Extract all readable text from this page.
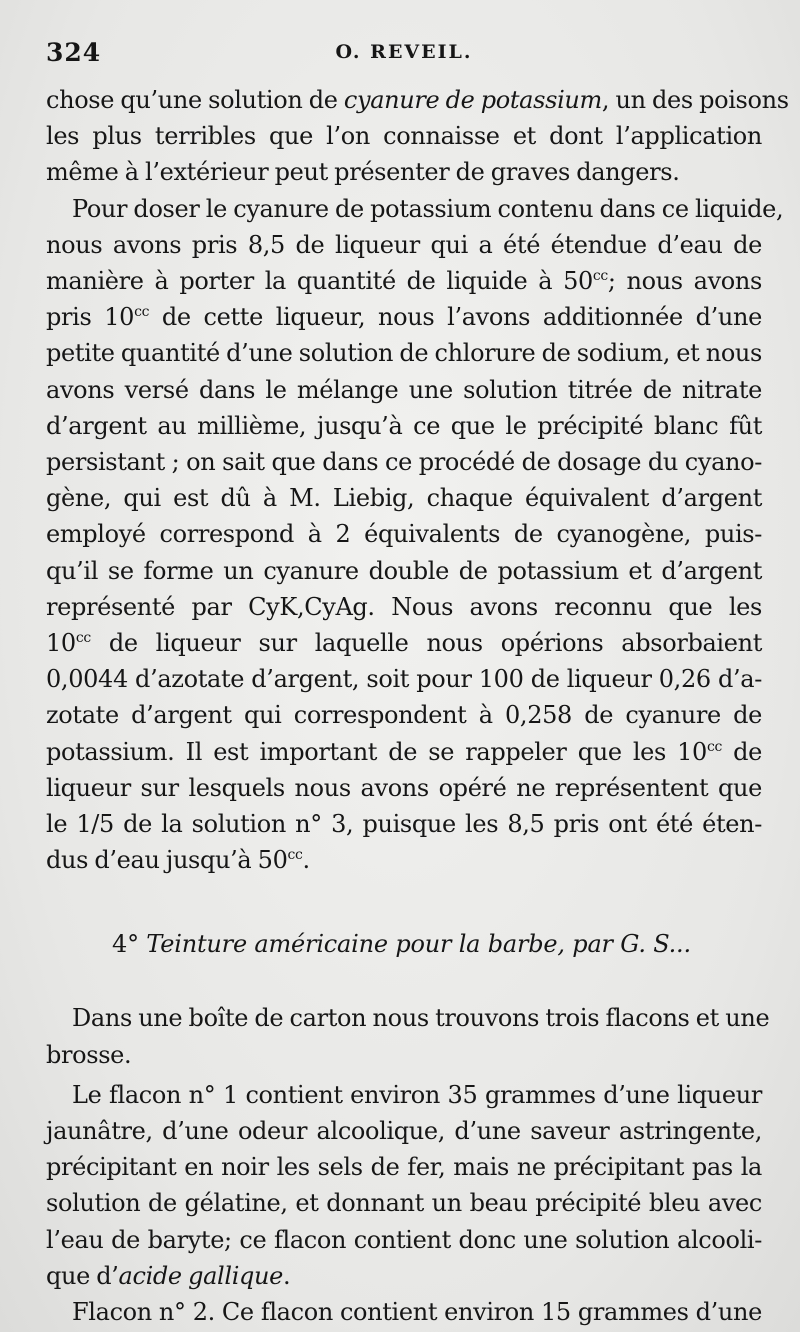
324	O. REVEIL.

chose qu’une solution de cyanure de potassium, un des poisons
les plus terribles que l’on connaisse et dont l’application
même à l’extérieur peut présenter de graves dangers.

Pour doser le cyanure de potassium contenu dans ce liquide,
nous avons pris 8,5 de liqueur qui a été étendue d’eau de
manière à porter la quantité de liquide à $50^{cc}$; nous avons
pris $10^{cc}$ de cette liqueur, nous l’avons additionnée d’une
petite quantité d’une solution de chlorure de sodium, et nous
avons versé dans le mélange une solution titrée de nitrate
d’argent au millième, jusqu’à ce que le précipité blanc fût
persistant ; on sait que dans ce procédé de dosage du cyano-
gène, qui est dû à M. Liebig, chaque équivalent d’argent
employé correspond à 2 équivalents de cyanogène, puis-
qu’il se forme un cyanure double de potassium et d’argent
représenté par CyK,CyAg. Nous avons reconnu que les
$10^{cc}$ de liqueur sur laquelle nous opérions absorbaient
0,0044 d’azotate d’argent, soit pour 100 de liqueur 0,26 d’a-
zotate d’argent qui correspondent à 0,258 de cyanure de
potassium. Il est important de se rappeler que les $10^{cc}$ de
liqueur sur lesquels nous avons opéré ne représentent que
le 1/5 de la solution n° 3, puisque les 8,5 pris ont été éten-
dus d’eau jusqu’à $50^{cc}$.

4° Teinture américaine pour la barbe, par G. S...

Dans une boîte de carton nous trouvons trois flacons et une
brosse.

Le flacon n° 1 contient environ 35 grammes d’une liqueur
jaunâtre, d’une odeur alcoolique, d’une saveur astringente,
précipitant en noir les sels de fer, mais ne précipitant pas la
solution de gélatine, et donnant un beau précipité bleu avec
l’eau de baryte; ce flacon contient donc une solution alcooli-
que d’acide gallique.

Flacon n° 2. Ce flacon contient environ 15 grammes d’une
